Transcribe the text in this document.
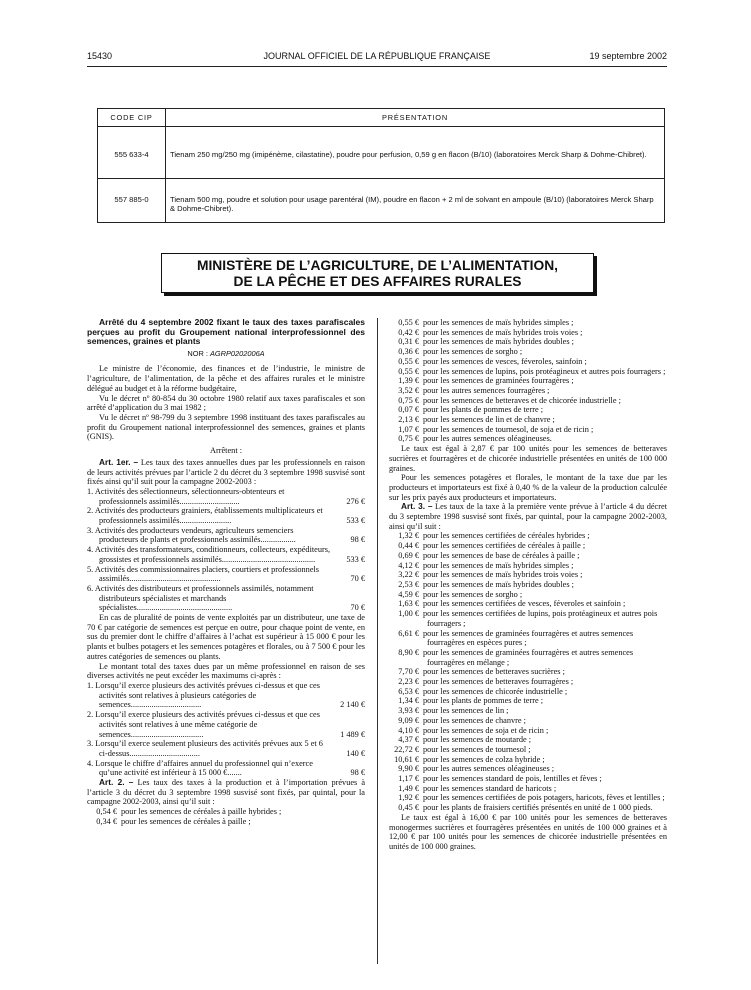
15430	JOURNAL OFFICIEL DE LA RÉPUBLIQUE FRANÇAISE	19 septembre 2002
CODE CIP	PRÉSENTATION
555 633-4	Tienam 250 mg/250 mg (imipénème, cilastatine), poudre pour perfusion, 0,59 g en flacon (B/10) (laboratoires Merck Sharp & Dohme-Chibret).
557 885-0	Tienam 500 mg, poudre et solution pour usage parentéral (IM), poudre en flacon + 2 ml de solvant en ampoule (B/10) (laboratoires Merck Sharp & Dohme-Chibret).
MINISTÈRE DE L’AGRICULTURE, DE L’ALIMENTATION,
DE LA PÊCHE ET DES AFFAIRES RURALES

Arrêté du 4 septembre 2002 fixant le taux des taxes parafiscales perçues au profit du Groupement national interprofessionnel des semences, graines et plants

NOR : AGRP0202006A

Le ministre de l’économie, des finances et de l’industrie, le ministre de l’agriculture, de l’alimentation, de la pêche et des affaires rurales et le ministre délégué au budget et à la réforme budgétaire,

Vu le décret nº 80-854 du 30 octobre 1980 relatif aux taxes parafiscales et son arrêté d’application du 3 mai 1982 ;

Vu le décret nº 98-799 du 3 septembre 1998 instituant des taxes parafiscales au profit du Groupement national interprofessionnel des semences, graines et plants (GNIS).

Arrêtent :

Art. 1er. – Les taux des taxes annuelles dues par les professionnels en raison de leurs activités prévues par l’article 2 du décret du 3 septembre 1998 susvisé sont fixés ainsi qu’il suit pour la campagne 2002-2003 :

1. Activités des sélectionneurs, sélectionneurs-obtenteurs et professionnels assimilés.............................	276 €
2. Activités des producteurs grainiers, établissements multiplicateurs et professionnels assimilés.........................	533 €
3. Activités des producteurs vendeurs, agriculteurs semenciers producteurs de plants et professionnels assimilés.................	98 €
4. Activités des transformateurs, conditionneurs, collecteurs, expéditeurs, grossistes et professionnels assimilés.............................................	533 €
5. Activités des commissionnaires placiers, courtiers et professionnels assimilés............................................	70 €
6. Activités des distributeurs et professionnels assimilés, notamment distributeurs spécialistes et marchands spécialistes..............................................	70 €

En cas de pluralité de points de vente exploités par un distributeur, une taxe de 70 € par catégorie de semences est perçue en outre, pour chaque point de vente, en sus du premier dont le chiffre d’affaires à l’achat est supérieur à 15 000 € pour les plants et bulbes potagers et les semences potagères et florales, ou à 7 500 € pour les autres catégories de semences ou plants.

Le montant total des taxes dues par un même professionnel en raison de ses diverses activités ne peut excéder les maximums ci-après :

1. Lorsqu’il exerce plusieurs des activités prévues ci-dessus et que ces activités sont relatives à plusieurs catégories de semences..................................	2 140 €
2. Lorsqu’il exerce plusieurs des activités prévues ci-dessus et que ces activités sont relatives à une même catégorie de semences...................................	1 489 €
3. Lorsqu’il exerce seulement plusieurs des activités prévues aux 5 et 6 ci-dessus..................................	140 €
4. Lorsque le chiffre d’affaires annuel du professionnel qui n’exerce qu’une activité est inférieur à 15 000 €.......	98 €

Art. 2. – Les taux des taxes à la production et à l’importation prévues à l’article 3 du décret du 3 septembre 1998 susvisé sont fixés, par quintal, pour la campagne 2002-2003, ainsi qu’il suit :

0,54 € pour les semences de céréales à paille hybrides ;
0,34 € pour les semences de céréales à paille ;
0,55 € pour les semences de maïs hybrides simples ;
0,42 € pour les semences de maïs hybrides trois voies ;
0,31 € pour les semences de maïs hybrides doubles ;
0,36 € pour les semences de sorgho ;
0,55 € pour les semences de vesces, féveroles, sainfoin ;
0,55 € pour les semences de lupins, pois protéagineux et autres pois fourragers ;
1,39 € pour les semences de graminées fourragères ;
3,52 € pour les autres semences fourragères ;
0,75 € pour les semences de betteraves et de chicorée industrielle ;
0,07 € pour les plants de pommes de terre ;
2,13 € pour les semences de lin et de chanvre ;
1,07 € pour les semences de tournesol, de soja et de ricin ;
0,75 € pour les autres semences oléagineuses.

Le taux est égal à 2,87 € par 100 unités pour les semences de betteraves sucrières et fourragères et de chicorée industrielle présentées en unités de 100 000 graines.

Pour les semences potagères et florales, le montant de la taxe due par les producteurs et importateurs est fixé à 0,40 % de la valeur de la production calculée sur les prix payés aux producteurs et importateurs.

Art. 3. – Les taux de la taxe à la première vente prévue à l’article 4 du décret du 3 septembre 1998 susvisé sont fixés, par quintal, pour la campagne 2002-2003, ainsi qu’il suit :

1,32 € pour les semences certifiées de céréales hybrides ;
0,44 € pour les semences certifiées de céréales à paille ;
0,69 € pour les semences de base de céréales à paille ;
4,12 € pour les semences de maïs hybrides simples ;
3,22 € pour les semences de maïs hybrides trois voies ;
2,53 € pour les semences de maïs hybrides doubles ;
4,59 € pour les semences de sorgho ;
1,63 € pour les semences certifiées de vesces, féveroles et sainfoin ;
1,00 € pour les semences certifiées de lupins, pois protéagineux et autres pois fourragers ;
6,61 € pour les semences de graminées fourragères et autres semences fourragères en espèces pures ;
8,90 € pour les semences de graminées fourragères et autres semences fourragères en mélange ;
7,70 € pour les semences de betteraves sucrières ;
2,23 € pour les semences de betteraves fourragères ;
6,53 € pour les semences de chicorée industrielle ;
1,34 € pour les plants de pommes de terre ;
3,93 € pour les semences de lin ;
9,09 € pour les semences de chanvre ;
4,10 € pour les semences de soja et de ricin ;
4,37 € pour les semences de moutarde ;
22,72 € pour les semences de tournesol ;
10,61 € pour les semences de colza hybride ;
9,90 € pour les autres semences oléagineuses ;
1,17 € pour les semences standard de pois, lentilles et fèves ;
1,49 € pour les semences standard de haricots ;
1,92 € pour les semences certifiées de pois potagers, haricots, fèves et lentilles ;
0,45 € pour les plants de fraisiers certifiés présentés en unité de 1 000 pieds.

Le taux est égal à 16,00 € par 100 unités pour les semences de betteraves monogermes sucrières et fourragères présentées en unités de 100 000 graines et à 12,00 € par 100 unités pour les semences de chicorée industrielle présentées en unités de 100 000 graines.
